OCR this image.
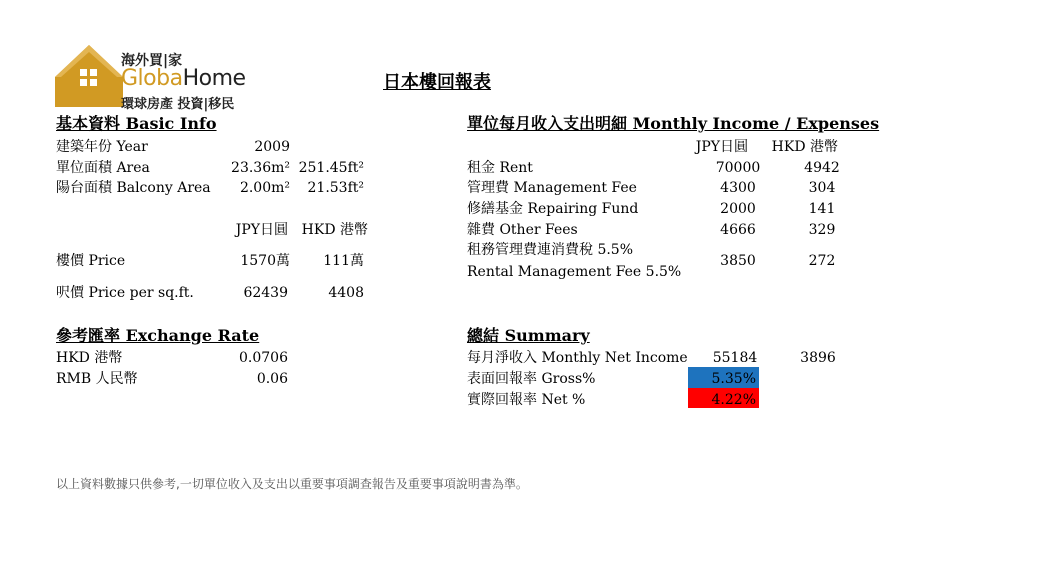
海外買|家
GlobaHome
環球房產 投資|移民
日本樓回報表
基本資料 Basic Info
建築年份 Year	2009
單位面積 Area	23.36m² 251.45ft²
陽台面積 Balcony Area	2.00m²	21.53ft²
JPY日圓 HKD 港幣
樓價 Price	1570萬	111萬
呎價 Price per sq.ft.	62439	4408
參考匯率 Exchange Rate
HKD 港幣	0.0706
RMB 人民幣	0.06
單位每月收入支出明細 Monthly Income / Expenses
JPY日圓	HKD 港幣
租金 Rent	70000	4942
管理費 Management Fee	4300	304
修繕基金 Repairing Fund	2000	141
雜費 Other Fees	4666	329
租務管理費連消費稅 5.5%
Rental Management Fee 5.5%
3850	272
總結 Summary
每月淨收入 Monthly Net Income	55184	3896
表面回報率 Gross%	5.35%
實際回報率 Net %	4.22%
以上資料數據只供參考,一切單位收入及支出以重要事項調查報告及重要事項說明書為準。
